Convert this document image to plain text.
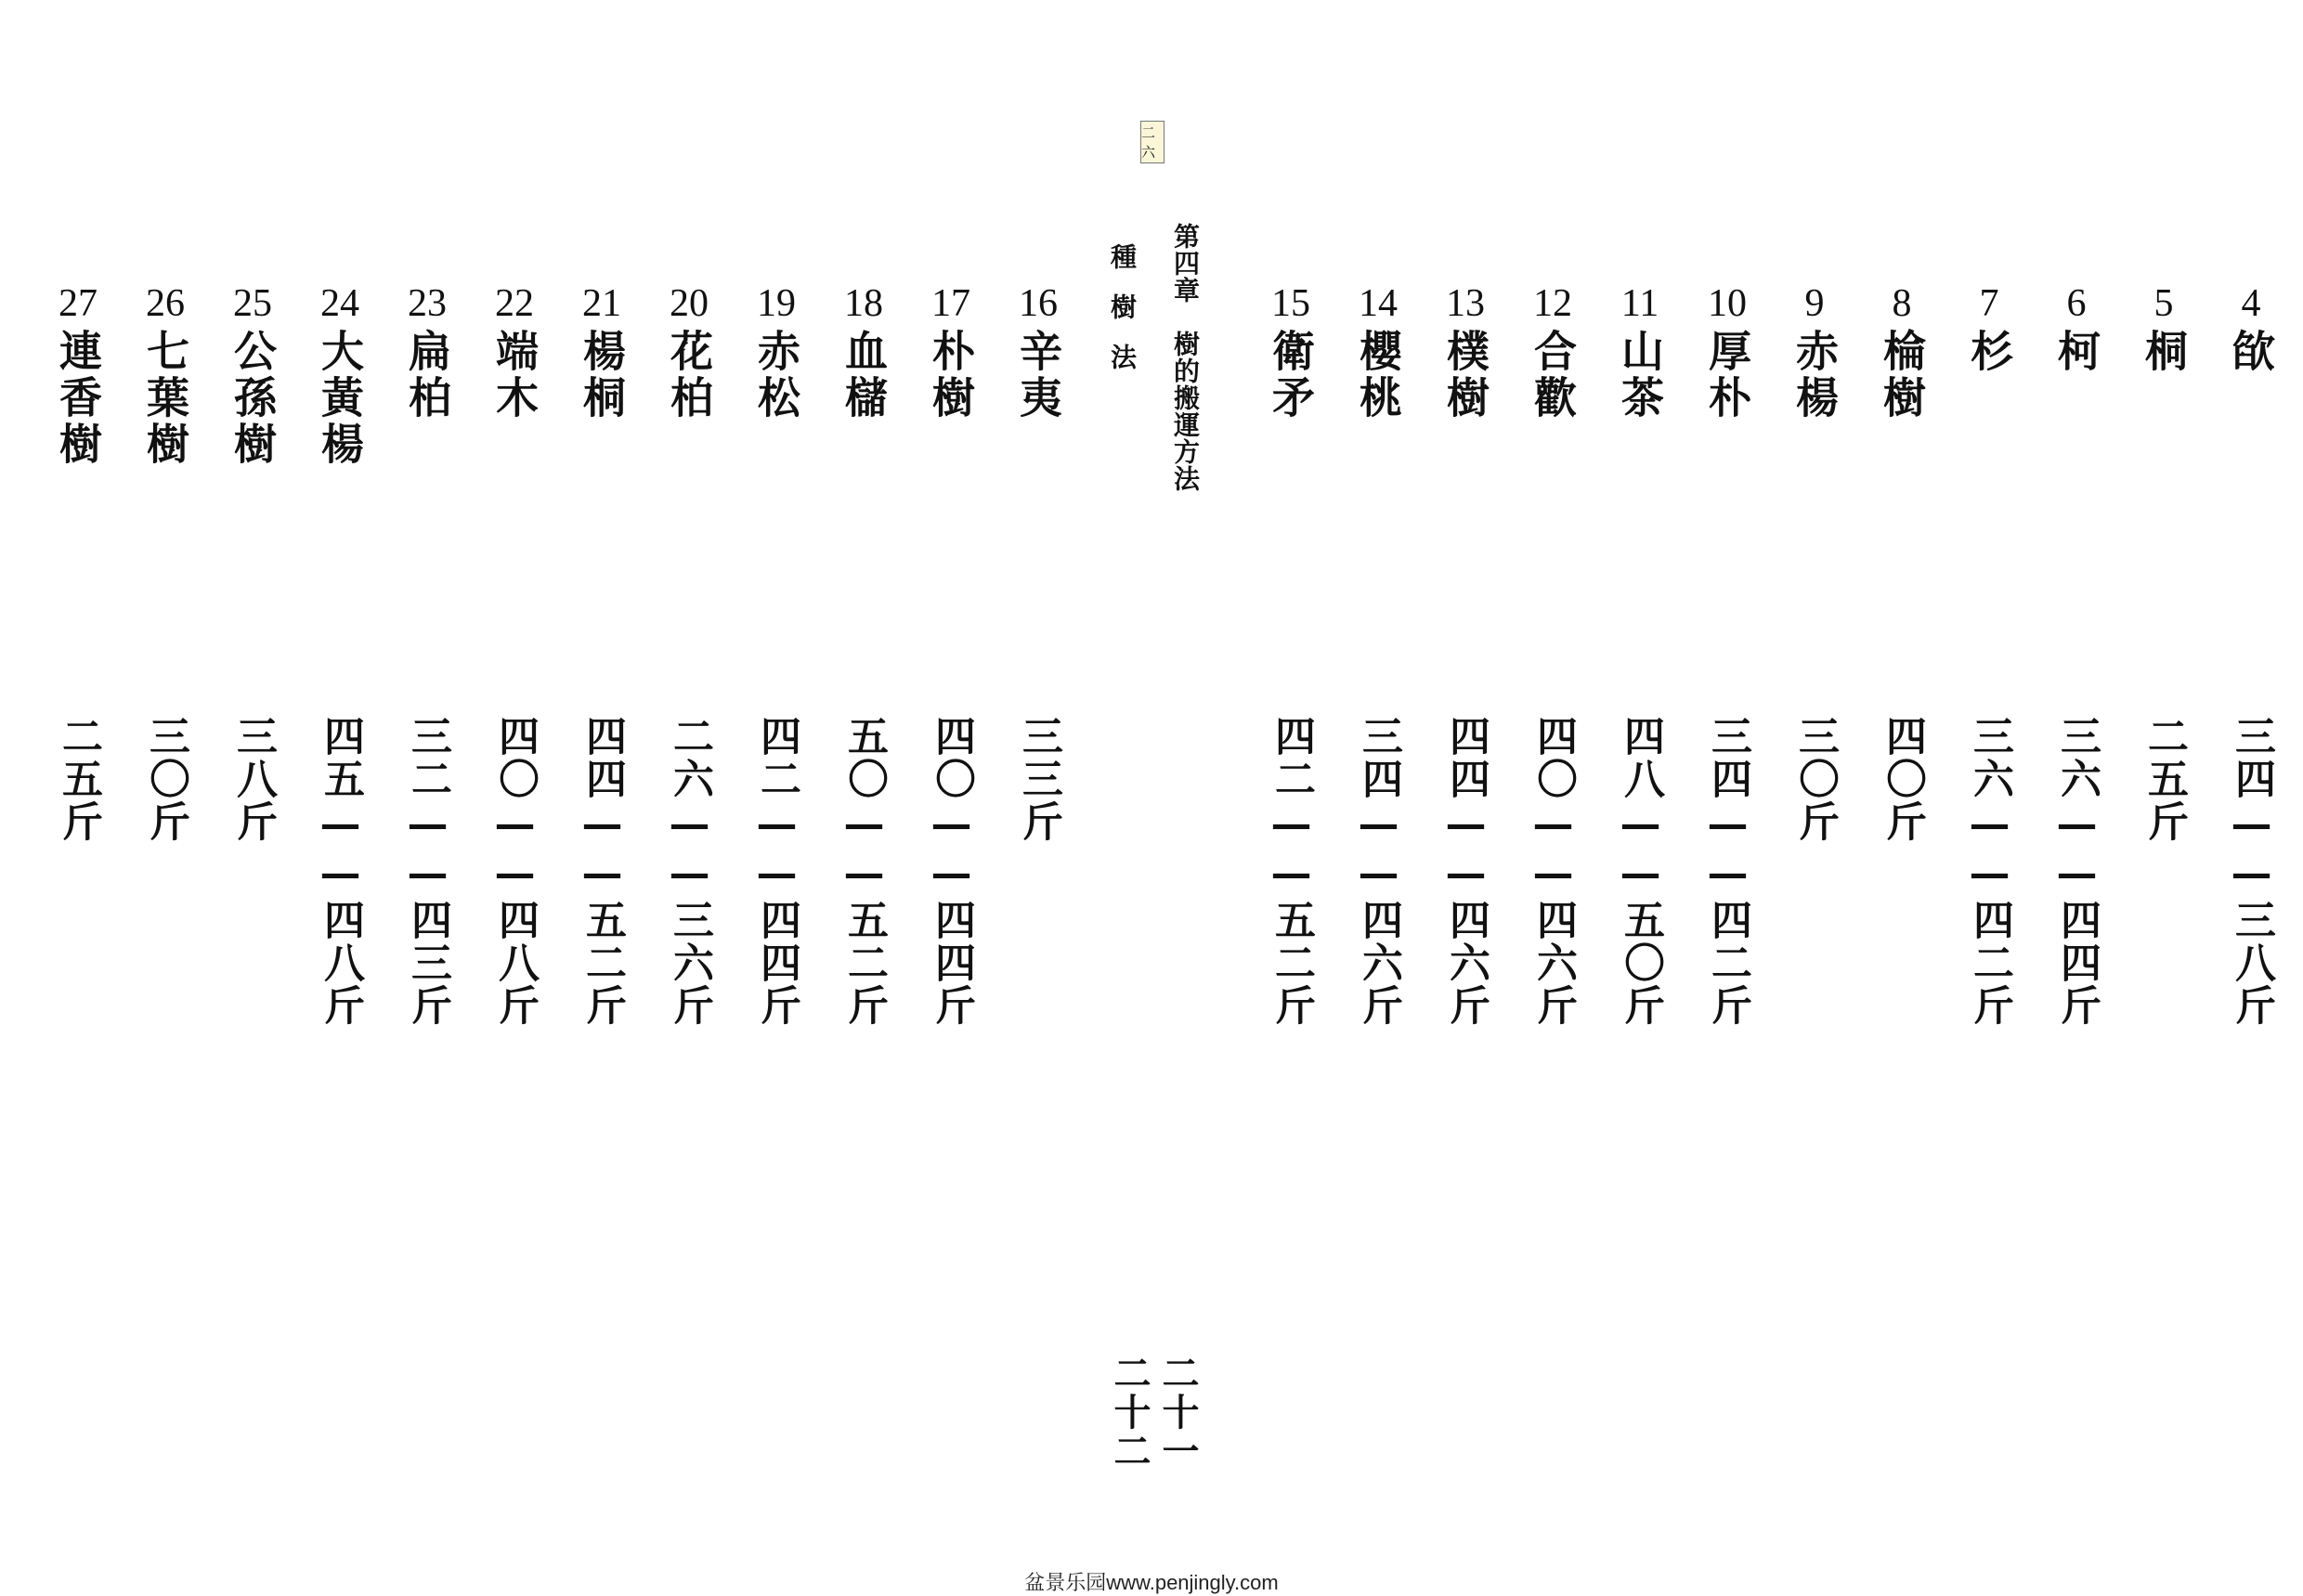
二六
第四章　樹的搬運方法
種樹法	4
欿
三四——三八斤
5
桐
二五斤
6
柯
三六——四四斤
7
杉
三六——四二斤
8
棆樹
四〇斤
9
赤楊
三〇斤
10
厚朴
三四——四二斤
11
山茶
四八——五〇斤
12
合歡
四〇——四六斤
13
樸樹
四四——四六斤
14
櫻桃
三四——四六斤
15
衛矛
四二——五二斤
16
辛夷
三三斤
17
朴樹
四〇——四四斤
18
血櫧
五〇——五二斤
19
赤松
四二——四四斤
20
花柏
二六——三六斤
21
楊桐
四四——五二斤
22
端木
四〇——四八斤
23
扁柏
三二——四三斤
24
大黃楊
四五——四八斤
25
公孫樹
三八斤
26
七葉樹
三〇斤
27
連香樹
二五斤
二十一
二十二
盆景乐园www.penjingly.com
